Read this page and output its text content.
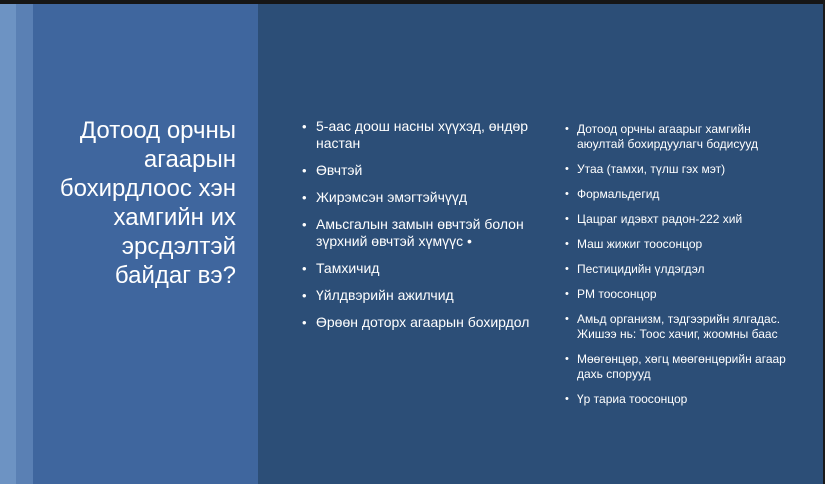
Дотоод орчны агаарын бохирдлоос хэн хамгийн их эрсдэлтэй байдаг вэ?
• 5-аас доош насны хүүхэд, өндөр настан
• Өвчтэй
• Жирэмсэн эмэгтэйчүүд
• Амьсгалын замын өвчтэй болон зүрхний өвчтэй хүмүүс •
• Тамхичид
• Үйлдвэрийн ажилчид
• Өрөөн доторх агаарын бохирдол
• Дотоод орчны агаарыг хамгийн аюултай бохирдуулагч бодисууд
• Утаа (тамхи, түлш гэх мэт)
• Формальдегид
• Цацраг идэвхт радон-222 хий
• Маш жижиг тоосонцор
• Пестицидийн үлдэгдэл
• PM тоосонцор
• Амьд организм, тэдгээрийн ялгадас. Жишээ нь: Тоос хачиг, жоомны баас
• Мөөгөнцөр, хөгц мөөгөнцөрийн агаар дахь спорууд
• Үр тариа тоосонцор
